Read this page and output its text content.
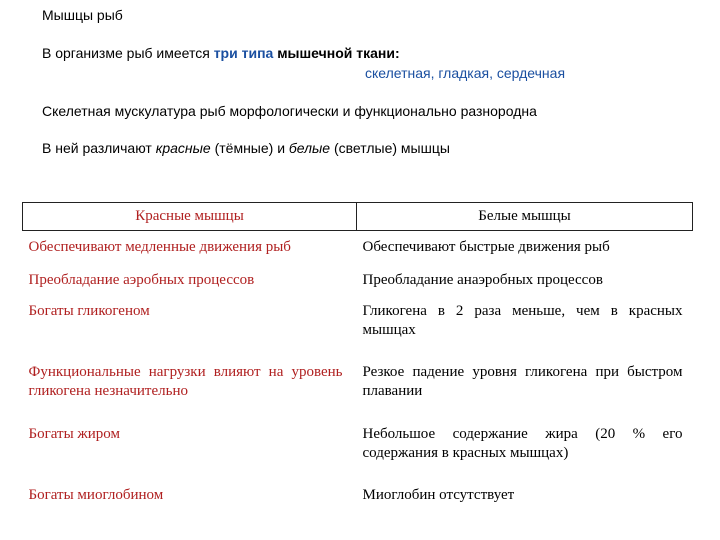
Мышцы рыб
В организме рыб имеется три типа мышечной ткани:
скелетная, гладкая, сердечная
Скелетная мускулатура рыб морфологически и функционально разнородна
В ней различают красные (тёмные) и белые (светлые) мышцы
Красные мышцы	Белые мышцы
Обеспечивают медленные движения рыб	Обеспечивают быстрые движения рыб
Преобладание аэробных процессов	Преобладание анаэробных процессов
Богаты гликогеном	Гликогена в 2 раза меньше, чем в красных мышцах
Функциональные нагрузки влияют на уровень гликогена незначительно	Резкое падение уровня гликогена при быстром плавании
Богаты жиром	Небольшое содержание жира (20 % его содержания в красных мышцах)
Богаты миоглобином	Миоглобин отсутствует
